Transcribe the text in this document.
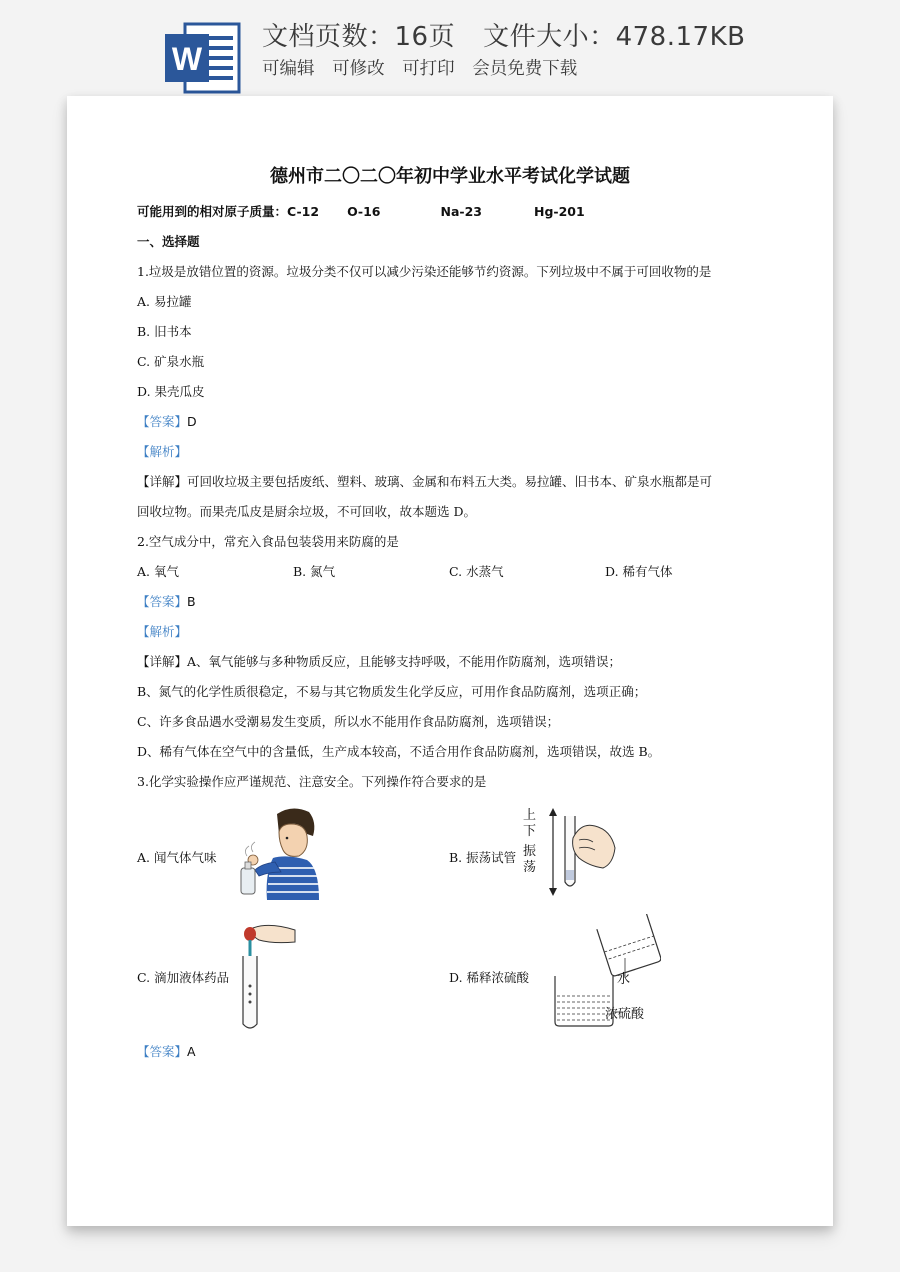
W
文档页数：16页 文件大小：478.17KB
可编辑 可修改 可打印 会员免费下载
德州市二〇二〇年初中学业水平考试化学试题
可能用到的相对原子质量：C-12 O-16	Na-23	Hg-201
一、选择题
1.垃圾是放错位置的资源。垃圾分类不仅可以减少污染还能够节约资源。下列垃圾中不属于可回收物的是
A. 易拉罐
B. 旧书本
C. 矿泉水瓶
D. 果壳瓜皮
【答案】D
【解析】
【详解】可回收垃圾主要包括废纸、塑料、玻璃、金属和布料五大类。易拉罐、旧书本、矿泉水瓶都是可
回收垃物。而果壳瓜皮是厨余垃圾，不可回收，故本题选 D。
2.空气成分中，常充入食品包装袋用来防腐的是
A. 氧气	B. 氮气	C. 水蒸气	D. 稀有气体
【答案】B
【解析】
【详解】A、氧气能够与多种物质反应，且能够支持呼吸，不能用作防腐剂，选项错误；
B、氮气的化学性质很稳定，不易与其它物质发生化学反应，可用作食品防腐剂，选项正确；
C、许多食品遇水受潮易发生变质，所以水不能用作食品防腐剂，选项错误；
D、稀有气体在空气中的含量低，生产成本较高，不适合用作食品防腐剂，选项错误，故选 B。
3.化学实验操作应严谨规范、注意安全。下列操作符合要求的是
A. 闻气体气味	B. 振荡试管
上
下
振
荡
C. 滴加液体药品	D. 稀释浓硫酸	水
浓硫酸
【答案】A
